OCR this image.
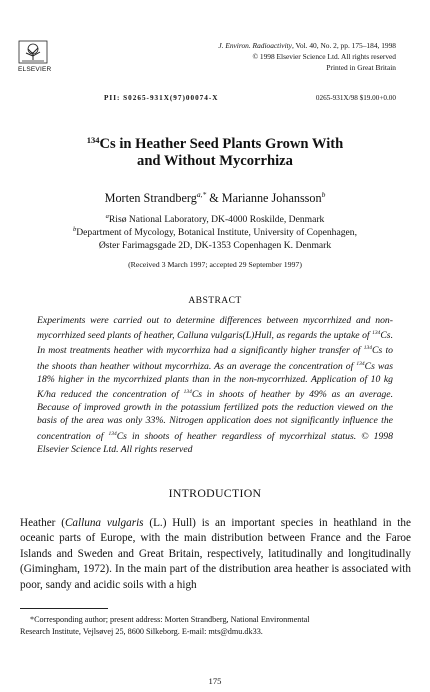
ELSEVIER
J. Environ. Radioactivity, Vol. 40, No. 2, pp. 175–184, 1998
© 1998 Elsevier Science Ltd. All rights reserved
Printed in Great Britain
PII: S0265-931X(97)00074-X	0265-931X/98 $19.00+0.00
$^{134}$Cs in Heather Seed Plants Grown With
and Without Mycorrhiza
Morten Strandberg$^{a,*}$ & Marianne Johansson$^b$
$^a$Risø National Laboratory, DK-4000 Roskilde, Denmark
$^b$Department of Mycology, Botanical Institute, University of Copenhagen,
Øster Farimagsgade 2D, DK-1353 Copenhagen K. Denmark
(Received 3 March 1997; accepted 29 September 1997)
ABSTRACT
Experiments were carried out to determine differences between mycorrhized and non-mycorrhized seed plants of heather, Calluna vulgaris(L)Hull, as regards the uptake of $^{134}$Cs. In most treatments heather with mycorrhiza had a significantly higher transfer of $^{134}$Cs to the shoots than heather without mycorrhiza. As an average the concentration of $^{134}$Cs was 18% higher in the mycorrhized plants than in the non-mycorrhized. Application of 10 kg K/ha reduced the concentration of $^{134}$Cs in shoots of heather by 49% as an average. Because of improved growth in the potassium fertilized pots the reduction viewed on the basis of the area was only 33%. Nitrogen application does not significantly influence the concentration of $^{134}$Cs in shoots of heather regardless of mycorrhizal status. © 1998 Elsevier Science Ltd. All rights reserved
INTRODUCTION
Heather (Calluna vulgaris (L.) Hull) is an important species in heathland in the oceanic parts of Europe, with the main distribution between France and the Faroe Islands and Sweden and Great Britain, respectively, latitudinally and longitudinally (Gimingham, 1972). In the main part of the distribution area heather is associated with poor, sandy and acidic soils with a high
*Corresponding author; present address: Morten Strandberg, National Environmental
Research Institute, Vejlsøvej 25, 8600 Silkeborg. E-mail: mts@dmu.dk33.
175
